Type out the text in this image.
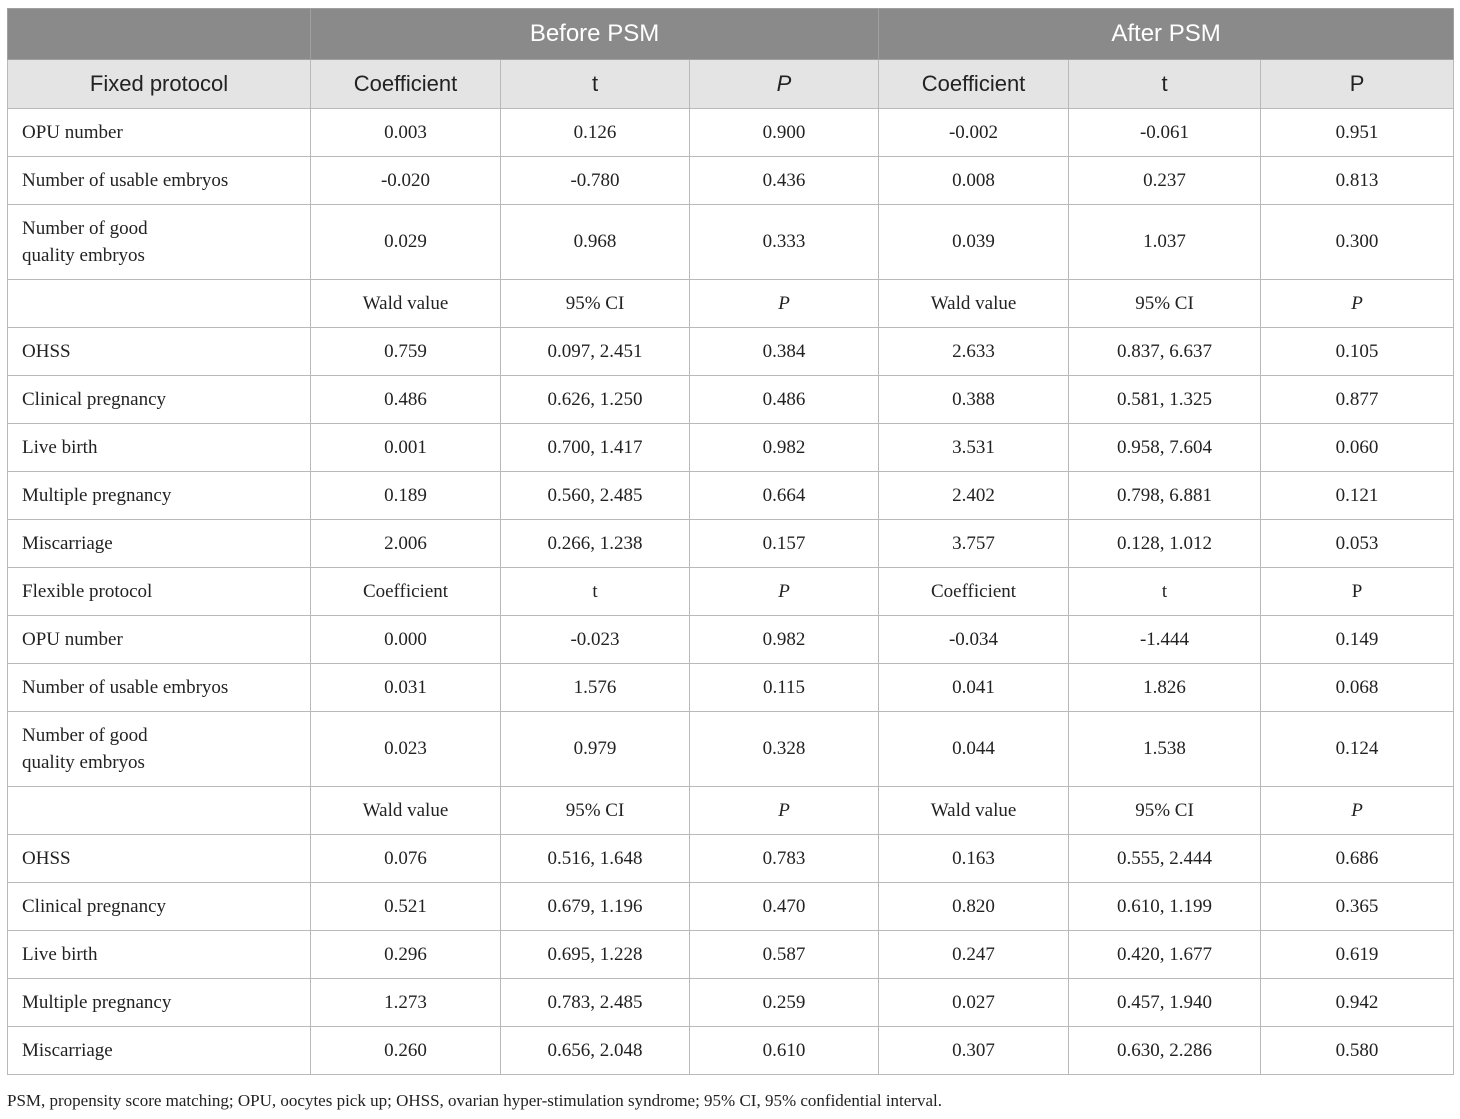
	Before PSM			After PSM		
Fixed protocol	Coefficient	t	P	Coefficient	t	P
OPU number	0.003	0.126	0.900	-0.002	-0.061	0.951
Number of usable embryos	-0.020	-0.780	0.436	0.008	0.237	0.813
Number of good quality embryos	0.029	0.968	0.333	0.039	1.037	0.300
	Wald value	95% CI	P	Wald value	95% CI	P
OHSS	0.759	0.097, 2.451	0.384	2.633	0.837, 6.637	0.105
Clinical pregnancy	0.486	0.626, 1.250	0.486	0.388	0.581, 1.325	0.877
Live birth	0.001	0.700, 1.417	0.982	3.531	0.958, 7.604	0.060
Multiple pregnancy	0.189	0.560, 2.485	0.664	2.402	0.798, 6.881	0.121
Miscarriage	2.006	0.266, 1.238	0.157	3.757	0.128, 1.012	0.053
Flexible protocol	Coefficient	t	P	Coefficient	t	P
OPU number	0.000	-0.023	0.982	-0.034	-1.444	0.149
Number of usable embryos	0.031	1.576	0.115	0.041	1.826	0.068
Number of good quality embryos	0.023	0.979	0.328	0.044	1.538	0.124
	Wald value	95% CI	P	Wald value	95% CI	P
OHSS	0.076	0.516, 1.648	0.783	0.163	0.555, 2.444	0.686
Clinical pregnancy	0.521	0.679, 1.196	0.470	0.820	0.610, 1.199	0.365
Live birth	0.296	0.695, 1.228	0.587	0.247	0.420, 1.677	0.619
Multiple pregnancy	1.273	0.783, 2.485	0.259	0.027	0.457, 1.940	0.942
Miscarriage	0.260	0.656, 2.048	0.610	0.307	0.630, 2.286	0.580
PSM, propensity score matching; OPU, oocytes pick up; OHSS, ovarian hyper-stimulation syndrome; 95% CI, 95% confidential interval.
